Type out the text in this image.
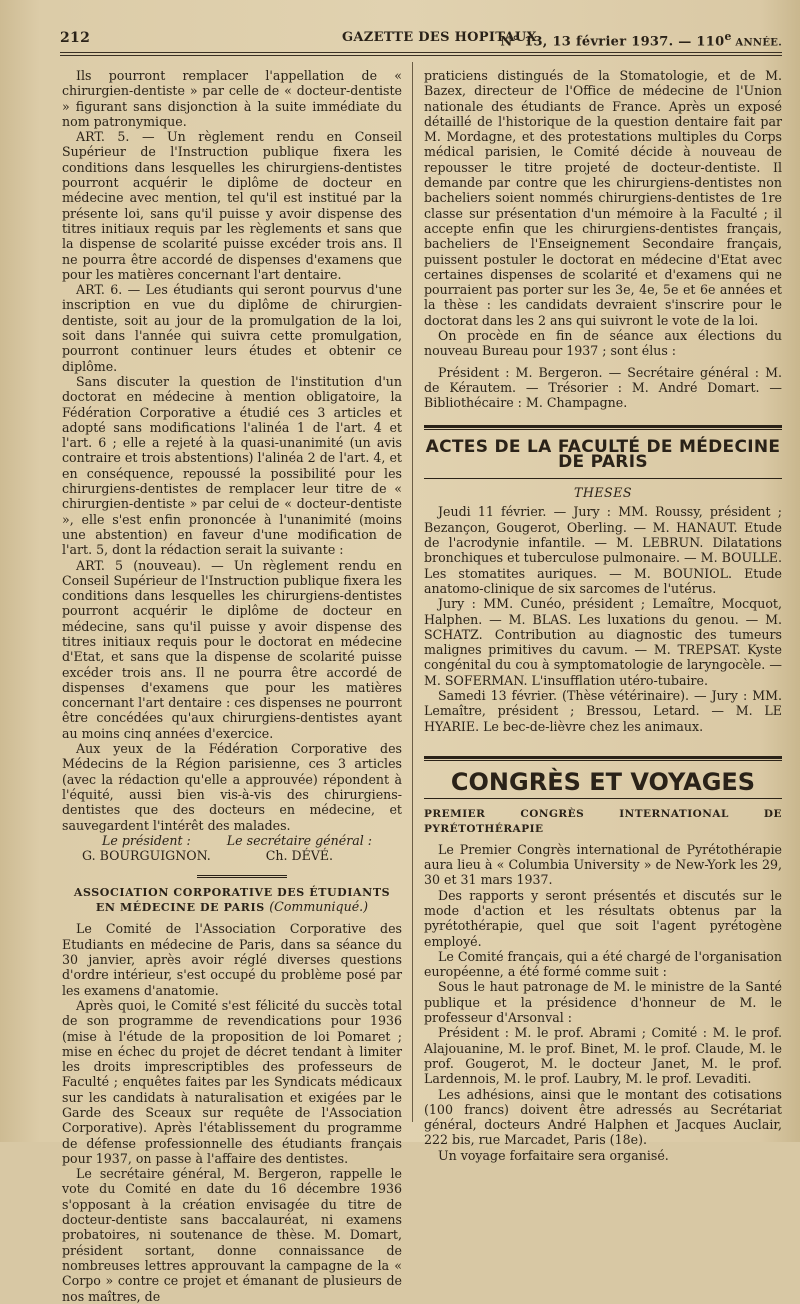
212	GAZETTE DES HOPITAUX
N° 13, 13 février 1937. — 110e ANNÉE.

Ils pourront remplacer l'appellation de « chirurgien-dentiste » par celle de « docteur-dentiste » figurant sans disjonction à la suite immédiate du nom patronymique.

ART. 5. — Un règlement rendu en Conseil Supérieur de l'Instruction publique fixera les conditions dans lesquelles les chirurgiens-dentistes pourront acquérir le diplôme de docteur en médecine avec mention, tel qu'il est institué par la présente loi, sans qu'il puisse y avoir dispense des titres initiaux requis par les règlements et sans que la dispense de scolarité puisse excéder trois ans. Il ne pourra être accordé de dispenses d'examens que pour les matières concernant l'art dentaire.

ART. 6. — Les étudiants qui seront pourvus d'une inscription en vue du diplôme de chirurgien-dentiste, soit au jour de la promulgation de la loi, soit dans l'année qui suivra cette promulgation, pourront continuer leurs études et obtenir ce diplôme.

Sans discuter la question de l'institution d'un doctorat en médecine à mention obligatoire, la Fédération Corporative a étudié ces 3 articles et adopté sans modifications l'alinéa 1 de l'art. 4 et l'art. 6 ; elle a rejeté à la quasi-unanimité (un avis contraire et trois abstentions) l'alinéa 2 de l'art. 4, et en conséquence, repoussé la possibilité pour les chirurgiens-dentistes de remplacer leur titre de « chirurgien-dentiste » par celui de « docteur-dentiste », elle s'est enfin prononcée à l'unanimité (moins une abstention) en faveur d'une modification de l'art. 5, dont la rédaction serait la suivante :

ART. 5 (nouveau). — Un règlement rendu en Conseil Supérieur de l'Instruction publique fixera les conditions dans lesquelles les chirurgiens-dentistes pourront acquérir le diplôme de docteur en médecine, sans qu'il puisse y avoir dispense des titres initiaux requis pour le doctorat en médecine d'Etat, et sans que la dispense de scolarité puisse excéder trois ans. Il ne pourra être accordé de dispenses d'examens que pour les matières concernant l'art dentaire : ces dispenses ne pourront être concédées qu'aux chirurgiens-dentistes ayant au moins cinq années d'exercice.

Aux yeux de la Fédération Corporative des Médecins de la Région parisienne, ces 3 articles (avec la rédaction qu'elle a approuvée) répondent à l'équité, aussi bien vis-à-vis des chirurgiens-dentistes que des docteurs en médecine, et sauvegardent l'intérêt des malades.

Le président :
G. BOURGUIGNON.
Le secrétaire général :
Ch. DÉVÉ.
ASSOCIATION CORPORATIVE DES ÉTUDIANTS EN MÉDECINE DE PARIS (Communiqué.)

Le Comité de l'Association Corporative des Etudiants en médecine de Paris, dans sa séance du 30 janvier, après avoir réglé diverses questions d'ordre intérieur, s'est occupé du problème posé par les examens d'anatomie.

Après quoi, le Comité s'est félicité du succès total de son programme de revendications pour 1936 (mise à l'étude de la proposition de loi Pomaret ; mise en échec du projet de décret tendant à limiter les droits imprescriptibles des professeurs de Faculté ; enquêtes faites par les Syndicats médicaux sur les candidats à naturalisation et exigées par le Garde des Sceaux sur requête de l'Association Corporative). Après l'établissement du programme de défense professionnelle des étudiants français pour 1937, on passe à l'affaire des dentistes.

Le secrétaire général, M. Bergeron, rappelle le vote du Comité en date du 16 décembre 1936 s'opposant à la création envisagée du titre de docteur-dentiste sans baccalauréat, ni examens probatoires, ni soutenance de thèse. M. Domart, président sortant, donne connaissance de nombreuses lettres approuvant la campagne de la « Corpo » contre ce projet et émanant de plusieurs de nos maîtres, de

praticiens distingués de la Stomatologie, et de M. Bazex, directeur de l'Office de médecine de l'Union nationale des étudiants de France. Après un exposé détaillé de l'historique de la question dentaire fait par M. Mordagne, et des protestations multiples du Corps médical parisien, le Comité décide à nouveau de repousser le titre projeté de docteur-dentiste. Il demande par contre que les chirurgiens-dentistes non bacheliers soient nommés chirurgiens-dentistes de 1re classe sur présentation d'un mémoire à la Faculté ; il accepte enfin que les chirurgiens-dentistes français, bacheliers de l'Enseignement Secondaire français, puissent postuler le doctorat en médecine d'Etat avec certaines dispenses de scolarité et d'examens qui ne pourraient pas porter sur les 3e, 4e, 5e et 6e années et la thèse : les candidats devraient s'inscrire pour le doctorat dans les 2 ans qui suivront le vote de la loi.

On procède en fin de séance aux élections du nouveau Bureau pour 1937 ; sont élus :

Président : M. Bergeron. — Secrétaire général : M. de Kérautem. — Trésorier : M. André Domart. — Bibliothécaire : M. Champagne.

ACTES DE LA FACULTÉ DE MÉDECINE DE PARIS
THESES

Jeudi 11 février. — Jury : MM. Roussy, président ; Bezançon, Gougerot, Oberling. — M. HANAUT. Etude de l'acrodynie infantile. — M. LEBRUN. Dilatations bronchiques et tuberculose pulmonaire. — M. BOULLE. Les stomatites auriques. — M. BOUNIOL. Etude anatomo-clinique de six sarcomes de l'utérus.

Jury : MM. Cunéo, président ; Lemaître, Mocquot, Halphen. — M. BLAS. Les luxations du genou. — M. SCHATZ. Contribution au diagnostic des tumeurs malignes primitives du cavum. — M. TREPSAT. Kyste congénital du cou à symptomatologie de laryngocèle. — M. SOFERMAN. L'insufflation utéro-tubaire.

Samedi 13 février. (Thèse vétérinaire). — Jury : MM. Lemaître, président ; Bressou, Letard. — M. LE HYARIE. Le bec-de-lièvre chez les animaux.

CONGRÈS ET VOYAGES
PREMIER CONGRÈS INTERNATIONAL DE PYRÉTOTHÉRAPIE

Le Premier Congrès international de Pyrétothérapie aura lieu à « Columbia University » de New-York les 29, 30 et 31 mars 1937.

Des rapports y seront présentés et discutés sur le mode d'action et les résultats obtenus par la pyrétothérapie, quel que soit l'agent pyrétogène employé.

Le Comité français, qui a été chargé de l'organisation européenne, a été formé comme suit :

Sous le haut patronage de M. le ministre de la Santé publique et la présidence d'honneur de M. le professeur d'Arsonval :

Président : M. le prof. Abrami ; Comité : M. le prof. Alajouanine, M. le prof. Binet, M. le prof. Claude, M. le prof. Gougerot, M. le docteur Janet, M. le prof. Lardennois, M. le prof. Laubry, M. le prof. Levaditi.

Les adhésions, ainsi que le montant des cotisations (100 francs) doivent être adressés au Secrétariat général, docteurs André Halphen et Jacques Auclair, 222 bis, rue Marcadet, Paris (18e).

Un voyage forfaitaire sera organisé.
